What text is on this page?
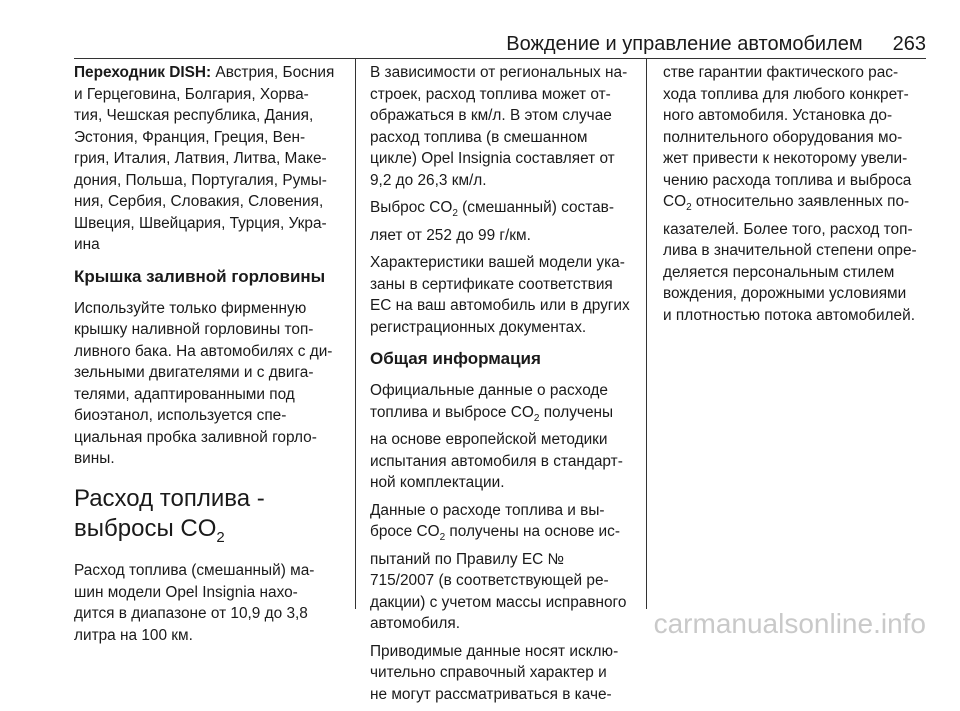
Вождение и управление автомобилем 263

Переходник DISH: Австрия, Босния
и Герцеговина, Болгария, Хорва-
тия, Чешская республика, Дания,
Эстония, Франция, Греция, Вен-
грия, Италия, Латвия, Литва, Маке-
дония, Польша, Португалия, Румы-
ния, Сербия, Словакия, Словения,
Швеция, Швейцария, Турция, Укра-
ина

Крышка заливной горловины

Используйте только фирменную
крышку наливной горловины топ-
ливного бака. На автомобилях с ди-
зельными двигателями и с двига-
телями, адаптированными под
биоэтанол, используется спе-
циальная пробка заливной горло-
вины.

Расход топлива -
выбросы $CO_2$

Расход топлива (смешанный) ма-
шин модели Opel Insignia нахо-
дится в диапазоне от 10,9 до 3,8
литра на 100 км.

В зависимости от региональных на-
строек, расход топлива может от-
ображаться в км/л. В этом случае
расход топлива (в смешанном
цикле) Opel Insignia составляет от
9,2 до 26,3 км/л.

Выброс $CO_2$ (смешанный) состав-
ляет от 252 до 99 г/км.

Характеристики вашей модели ука-
заны в сертификате соответствия
ЕС на ваш автомобиль или в других
регистрационных документах.

Общая информация

Официальные данные о расходе
топлива и выбросе $CO_2$ получены
на основе европейской методики
испытания автомобиля в стандарт-
ной комплектации.

Данные о расходе топлива и вы-
бросе $CO_2$ получены на основе ис-
пытаний по Правилу ЕС №
715/2007 (в соответствующей ре-
дакции) с учетом массы исправного
автомобиля.

Приводимые данные носят исклю-
чительно справочный характер и
не могут рассматриваться в каче-

стве гарантии фактического рас-
хода топлива для любого конкрет-
ного автомобиля. Установка до-
полнительного оборудования мо-
жет привести к некоторому увели-
чению расхода топлива и выброса
$CO_2$ относительно заявленных по-
казателей. Более того, расход топ-
лива в значительной степени опре-
деляется персональным стилем
вождения, дорожными условиями
и плотностью потока автомобилей.

carmanualsonline.info
